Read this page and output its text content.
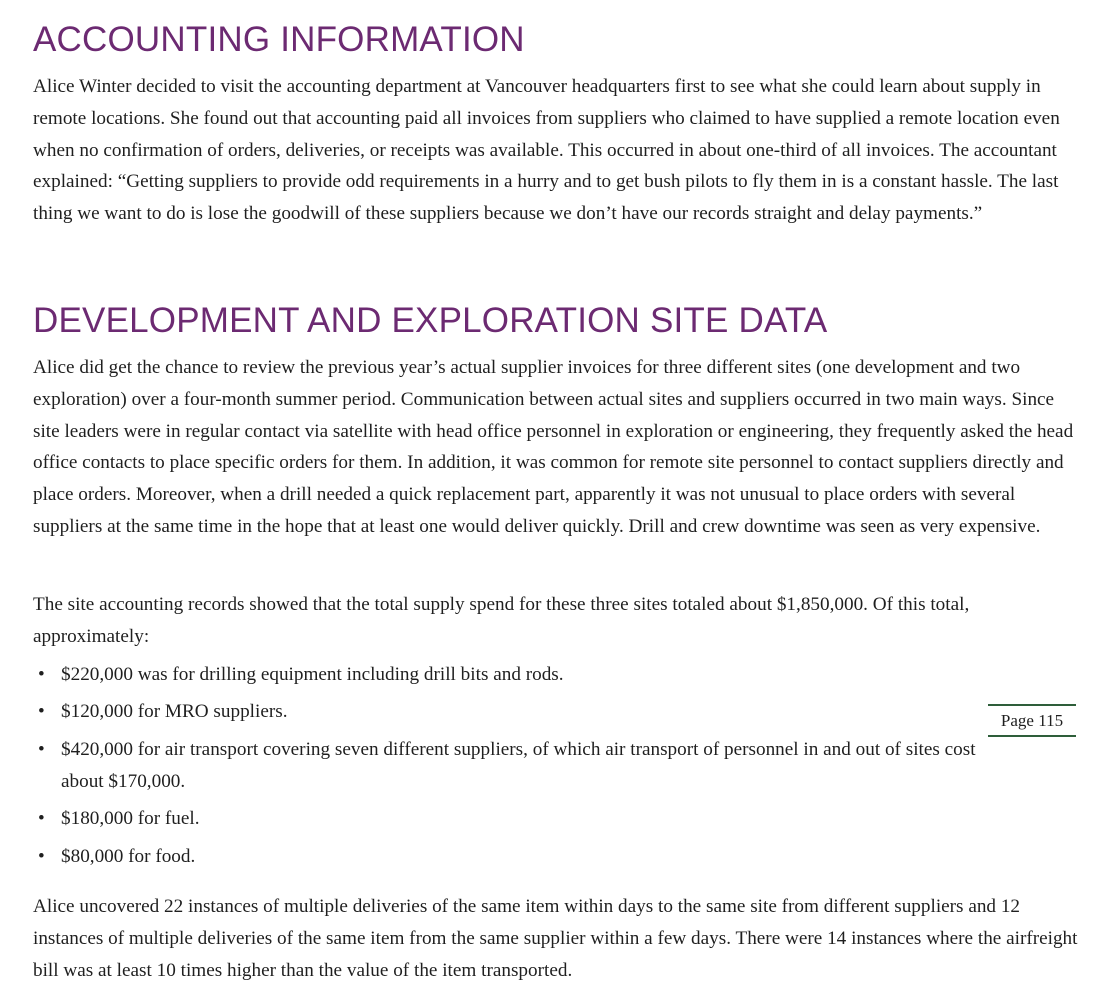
ACCOUNTING INFORMATION

Alice Winter decided to visit the accounting department at Vancouver headquarters first to see what she could learn about supply in remote locations. She found out that accounting paid all invoices from suppliers who claimed to have supplied a remote location even when no confirmation of orders, deliveries, or receipts was available. This occurred in about one-third of all invoices. The accountant explained: “Getting suppliers to provide odd requirements in a hurry and to get bush pilots to fly them in is a constant hassle. The last thing we want to do is lose the goodwill of these suppliers because we don’t have our records straight and delay payments.”

DEVELOPMENT AND EXPLORATION SITE DATA

Alice did get the chance to review the previous year’s actual supplier invoices for three different sites (one development and two exploration) over a four-month summer period. Communication between actual sites and suppliers occurred in two main ways. Since site leaders were in regular contact via satellite with head office personnel in exploration or engineering, they frequently asked the head office contacts to place specific orders for them. In addition, it was common for remote site personnel to contact suppliers directly and place orders. Moreover, when a drill needed a quick replacement part, apparently it was not unusual to place orders with several suppliers at the same time in the hope that at least one would deliver quickly. Drill and crew downtime was seen as very expensive.

The site accounting records showed that the total supply spend for these three sites totaled about $1,850,000. Of this total, approximately:

• $220,000 was for drilling equipment including drill bits and rods.
• $120,000 for MRO suppliers.
• $420,000 for air transport covering seven different suppliers, of which air transport of personnel in and out of sites cost about $170,000.
• $180,000 for fuel.
• $80,000 for food.

Alice uncovered 22 instances of multiple deliveries of the same item within days to the same site from different suppliers and 12 instances of multiple deliveries of the same item from the same supplier within a few days. There were 14 instances where the airfreight bill was at least 10 times higher than the value of the item transported.

Page 115
